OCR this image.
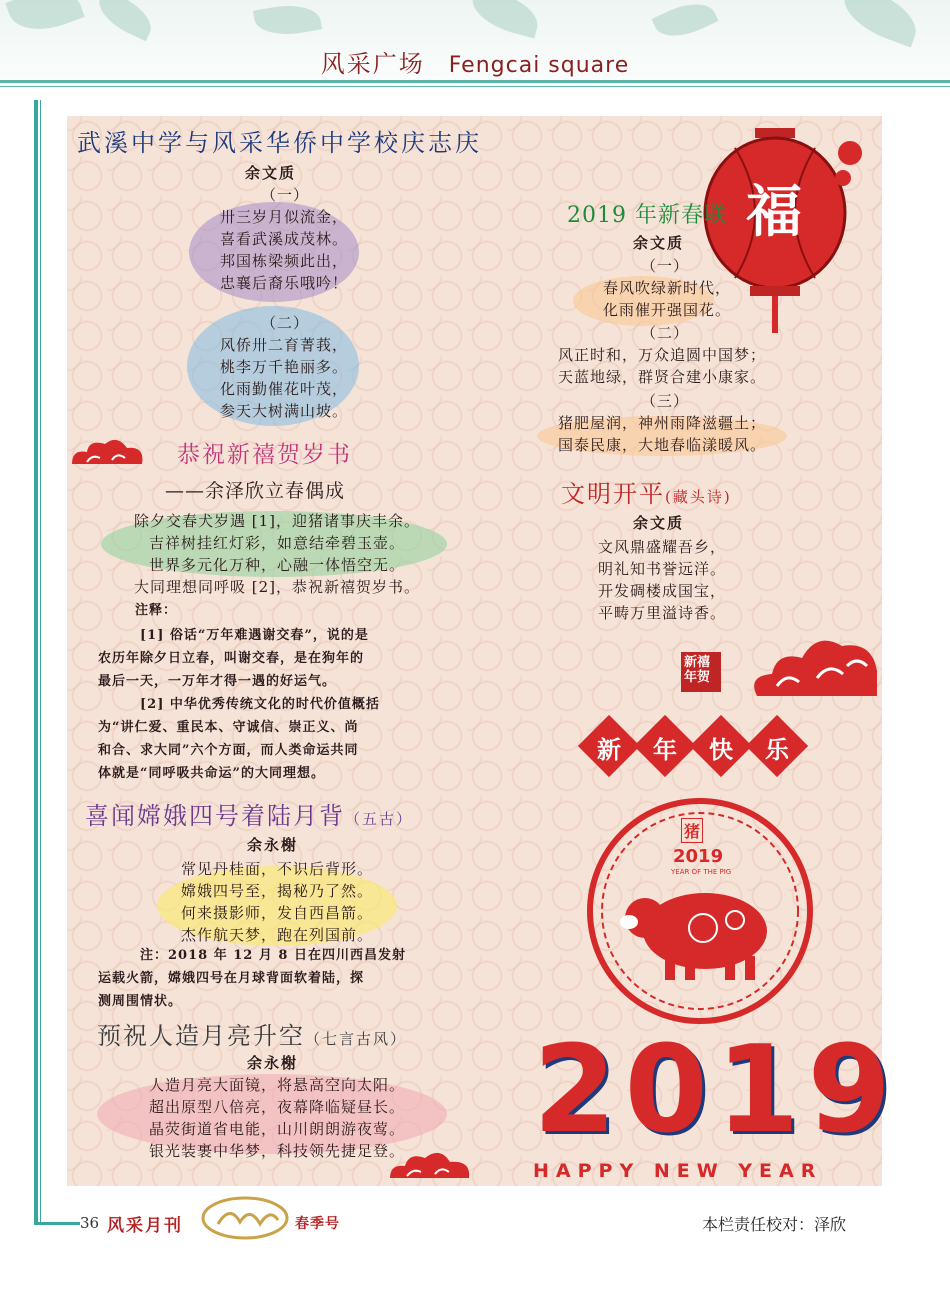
风采广场 Fengcai square
福
武溪中学与风采华侨中学校庆志庆
余文质
（一）
卅三岁月似流金，
喜看武溪成茂林。
邦国栋梁频此出，
忠襄后裔乐哦吟！
（二）
风侨卅二育菁莪，
桃李万千艳丽多。
化雨勤催花叶茂，
参天大树满山坡。
恭祝新禧贺岁书
——余泽欣立春偶成
除夕交春犬岁遇 [1]，迎猪诸事庆丰余。
吉祥树挂红灯彩，如意结牵碧玉壶。
世界多元化万种，心融一体悟空无。
大同理想同呼吸 [2]，恭祝新禧贺岁书。
注释：
[1] 俗话“万年难遇谢交春”，说的是
农历年除夕日立春，叫谢交春，是在狗年的
最后一天，一万年才得一遇的好运气。
[2] 中华优秀传统文化的时代价值概括
为“讲仁爱、重民本、守诚信、崇正义、尚
和合、求大同”六个方面，而人类命运共同
体就是“同呼吸共命运”的大同理想。
喜闻嫦娥四号着陆月背（五古）
余永榭
常见丹桂面，不识后背形。
嫦娥四号至，揭秘乃了然。
何来摄影师，发自西昌箭。
杰作航天梦，跑在列国前。
注：2018 年 12 月 8 日在四川西昌发射
运载火箭，嫦娥四号在月球背面软着陆，探
测周围情状。
预祝人造月亮升空（七言古风）
余永榭
人造月亮大面镜，将悬高空向太阳。
超出原型八倍亮，夜幕降临疑昼长。
晶荧街道省电能，山川朗朗游夜莺。
银光装裹中华梦，科技领先捷足登。
2019 年新春联
余文质
（一）
春风吹绿新时代，
化雨催开强国花。
（二）
风正时和，万众追圆中国梦；
天蓝地绿，群贤合建小康家。
（三）
猪肥屋润，神州雨降滋疆土；
国泰民康，大地春临漾暖风。
文明开平(藏头诗)
余文质
文风鼎盛耀吾乡，
明礼知书誉远洋。
开发碉楼成国宝，
平畴万里溢诗香。
新	年	快	乐
猪
2019
YEAR OF THE PIG
新禧年贺
2019
HAPPY NEW YEAR
36 风采月刊	春季号	本栏责任校对：泽欣
